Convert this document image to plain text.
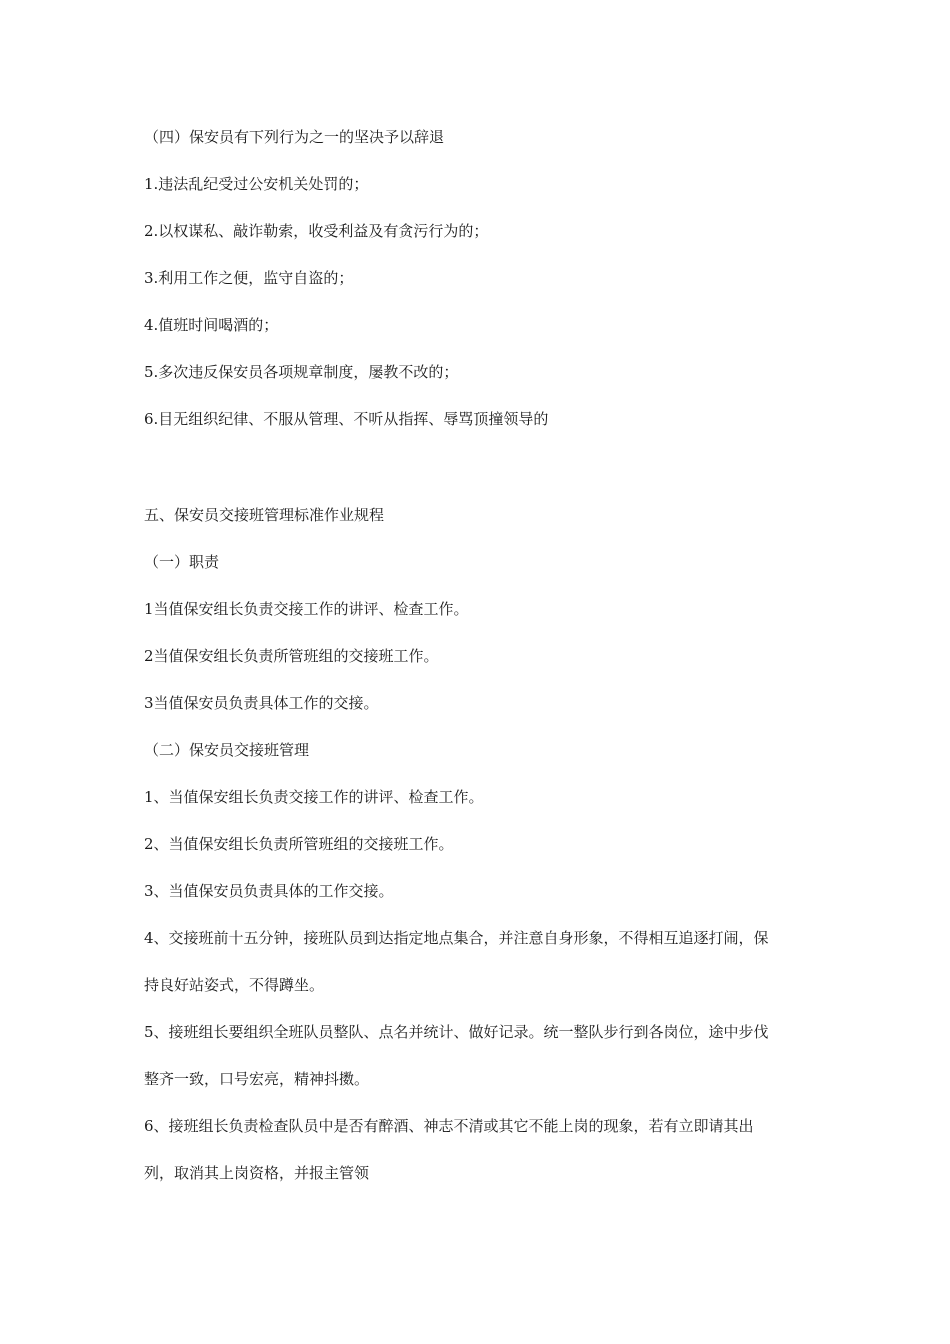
（四）保安员有下列行为之一的坚决予以辞退
1.违法乱纪受过公安机关处罚的；
2.以权谋私、敲诈勒索，收受利益及有贪污行为的；
3.利用工作之便，监守自盗的；
4.值班时间喝酒的；
5.多次违反保安员各项规章制度，屡教不改的；
6.目无组织纪律、不服从管理、不听从指挥、辱骂顶撞领导的
五、保安员交接班管理标准作业规程
（一）职责
1当值保安组长负责交接工作的讲评、检查工作。
2当值保安组长负责所管班组的交接班工作。
3当值保安员负责具体工作的交接。
（二）保安员交接班管理
1、当值保安组长负责交接工作的讲评、检查工作。
2、当值保安组长负责所管班组的交接班工作。
3、当值保安员负责具体的工作交接。
4、交接班前十五分钟，接班队员到达指定地点集合，并注意自身形象，不得相互追逐打闹，保
持良好站姿式，不得蹲坐。
5、接班组长要组织全班队员整队、点名并统计、做好记录。统一整队步行到各岗位，途中步伐
整齐一致，口号宏亮，精神抖擞。
6、接班组长负责检查队员中是否有醉酒、神志不清或其它不能上岗的现象，若有立即请其出
列，取消其上岗资格，并报主管领
